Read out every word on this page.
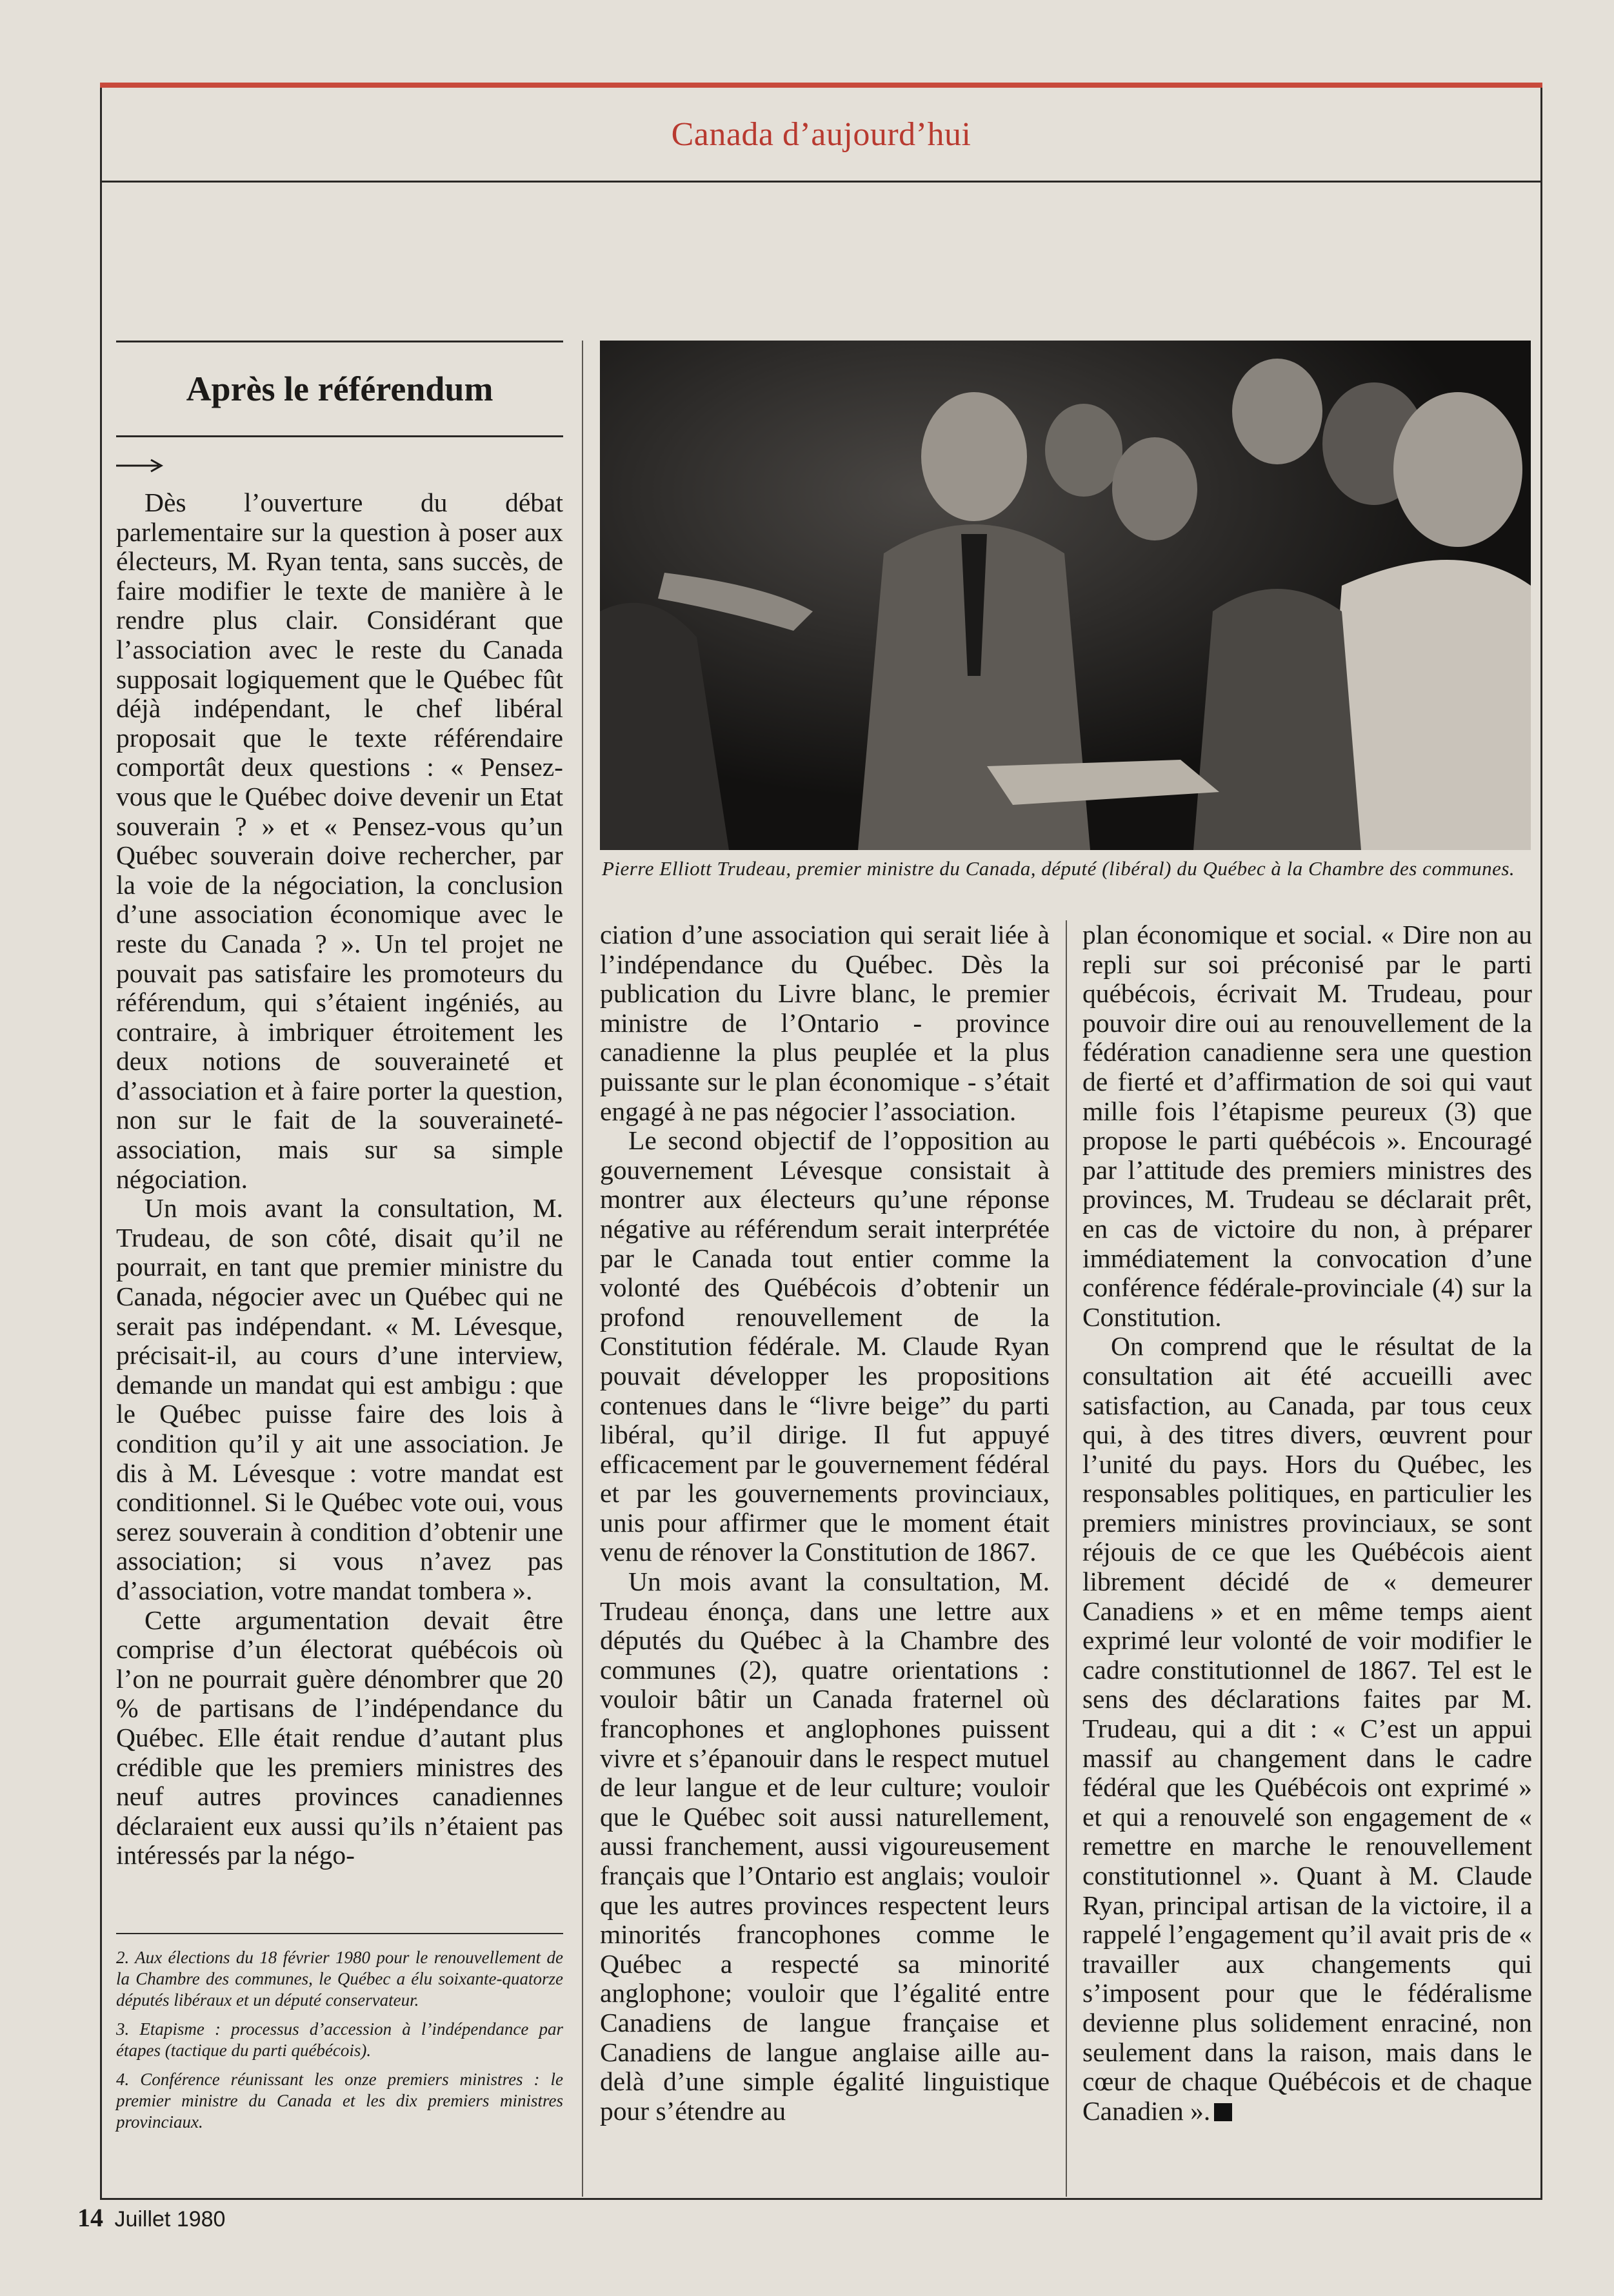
Canada d’aujourd’hui
Après le référendum

Dès l’ouverture du débat parlementaire sur la question à poser aux électeurs, M. Ryan tenta, sans succès, de faire modifier le texte de manière à le rendre plus clair. Considérant que l’association avec le reste du Canada supposait logiquement que le Québec fût déjà indépendant, le chef libéral proposait que le texte référendaire comportât deux questions : « Pensez-vous que le Québec doive devenir un Etat souverain ? » et « Pensez-vous qu’un Québec souverain doive rechercher, par la voie de la négociation, la conclusion d’une association économique avec le reste du Canada ? ». Un tel projet ne pouvait pas satisfaire les promoteurs du référendum, qui s’étaient ingéniés, au contraire, à imbriquer étroitement les deux notions de souveraineté et d’association et à faire porter la question, non sur le fait de la souveraineté-association, mais sur sa simple négociation.

Un mois avant la consultation, M. Trudeau, de son côté, disait qu’il ne pourrait, en tant que premier ministre du Canada, négocier avec un Québec qui ne serait pas indépendant. « M. Lévesque, précisait-il, au cours d’une interview, demande un mandat qui est ambigu : que le Québec puisse faire des lois à condition qu’il y ait une association. Je dis à M. Lévesque : votre mandat est conditionnel. Si le Québec vote oui, vous serez souverain à condition d’obtenir une association; si vous n’avez pas d’association, votre mandat tombera ».

Cette argumentation devait être comprise d’un électorat québécois où l’on ne pourrait guère dénombrer que 20 % de partisans de l’indépendance du Québec. Elle était rendue d’autant plus crédible que les premiers ministres des neuf autres provinces canadiennes déclaraient eux aussi qu’ils n’étaient pas intéressés par la négo-

Pierre Elliott Trudeau, premier ministre du Canada, député (libéral) du Québec à la Chambre des communes.

ciation d’une association qui serait liée à l’indépendance du Québec. Dès la publication du Livre blanc, le premier ministre de l’Ontario - province canadienne la plus peuplée et la plus puissante sur le plan économique - s’était engagé à ne pas négocier l’association.

Le second objectif de l’opposition au gouvernement Lévesque consistait à montrer aux électeurs qu’une réponse négative au référendum serait interprétée par le Canada tout entier comme la volonté des Québécois d’obtenir un profond renouvellement de la Constitution fédérale. M. Claude Ryan pouvait développer les propositions contenues dans le “livre beige” du parti libéral, qu’il dirige. Il fut appuyé efficacement par le gouvernement fédéral et par les gouvernements provinciaux, unis pour affirmer que le moment était venu de rénover la Constitution de 1867.

Un mois avant la consultation, M. Trudeau énonça, dans une lettre aux députés du Québec à la Chambre des communes (2), quatre orientations : vouloir bâtir un Canada fraternel où francophones et anglophones puissent vivre et s’épanouir dans le respect mutuel de leur langue et de leur culture; vouloir que le Québec soit aussi naturellement, aussi franchement, aussi vigoureusement français que l’Ontario est anglais; vouloir que les autres provinces respectent leurs minorités francophones comme le Québec a respecté sa minorité anglophone; vouloir que l’égalité entre Canadiens de langue française et Canadiens de langue anglaise aille au-delà d’une simple égalité linguistique pour s’étendre au

plan économique et social. « Dire non au repli sur soi préconisé par le parti québécois, écrivait M. Trudeau, pour pouvoir dire oui au renouvellement de la fédération canadienne sera une question de fierté et d’affirmation de soi qui vaut mille fois l’étapisme peureux (3) que propose le parti québécois ». Encouragé par l’attitude des premiers ministres des provinces, M. Trudeau se déclarait prêt, en cas de victoire du non, à préparer immédiatement la convocation d’une conférence fédérale-provinciale (4) sur la Constitution.

On comprend que le résultat de la consultation ait été accueilli avec satisfaction, au Canada, par tous ceux qui, à des titres divers, œuvrent pour l’unité du pays. Hors du Québec, les responsables politiques, en particulier les premiers ministres provinciaux, se sont réjouis de ce que les Québécois aient librement décidé de « demeurer Canadiens » et en même temps aient exprimé leur volonté de voir modifier le cadre constitutionnel de 1867. Tel est le sens des déclarations faites par M. Trudeau, qui a dit : « C’est un appui massif au changement dans le cadre fédéral que les Québécois ont exprimé » et qui a renouvelé son engagement de « remettre en marche le renouvellement constitutionnel ». Quant à M. Claude Ryan, principal artisan de la victoire, il a rappelé l’engagement qu’il avait pris de « travailler aux changements qui s’imposent pour que le fédéralisme devienne plus solidement enraciné, non seulement dans la raison, mais dans le cœur de chaque Québécois et de chaque Canadien ».

2. Aux élections du 18 février 1980 pour le renouvellement de la Chambre des communes, le Québec a élu soixante-quatorze députés libéraux et un député conservateur.

3. Etapisme : processus d’accession à l’indépendance par étapes (tactique du parti québécois).

4. Conférence réunissant les onze premiers ministres : le premier ministre du Canada et les dix premiers ministres provinciaux.

14 Juillet 1980
